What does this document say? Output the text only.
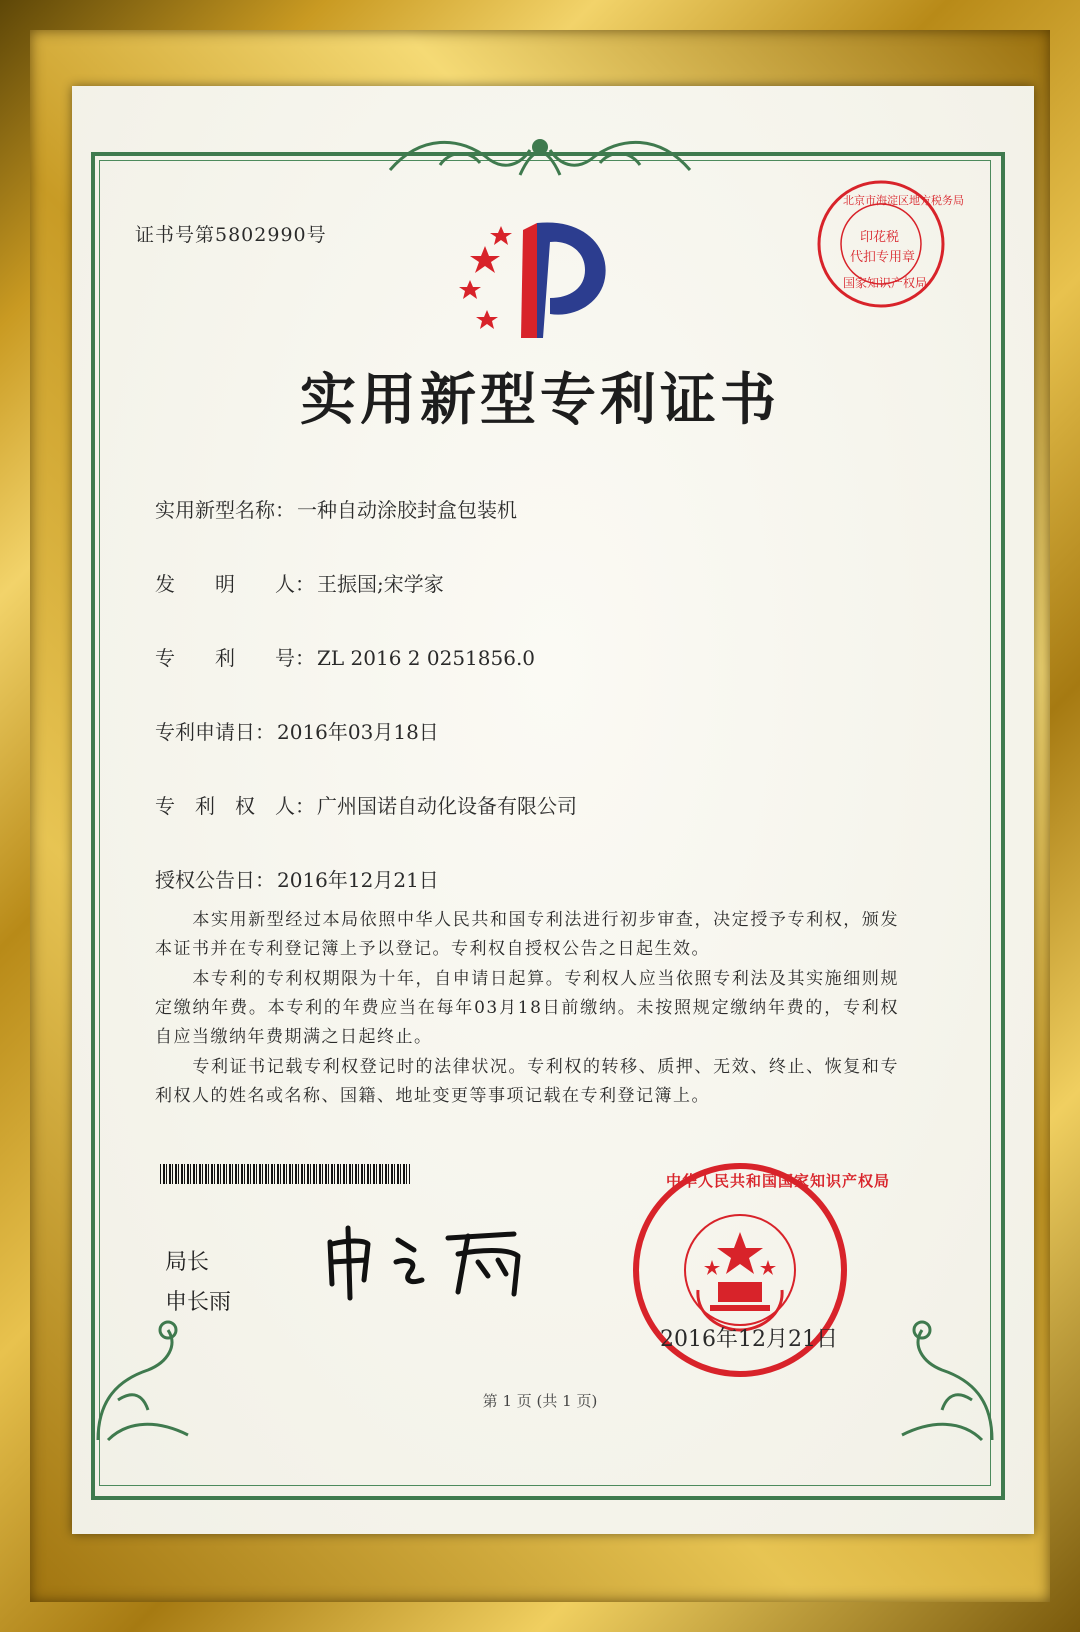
证书号第5802990号
北京市海淀区地方税务局
印花税
代扣专用章
国家知识产权局
实用新型专利证书
实用新型名称： 一种自动涂胶封盒包装机
发　　明　　人： 王振国;宋学家
专　　利　　号： ZL 2016 2 0251856.0
专利申请日： 2016年03月18日
专　利　权　人： 广州国诺自动化设备有限公司
授权公告日： 2016年12月21日
本实用新型经过本局依照中华人民共和国专利法进行初步审查，决定授予专利权，颁发本证书并在专利登记簿上予以登记。专利权自授权公告之日起生效。
本专利的专利权期限为十年，自申请日起算。专利权人应当依照专利法及其实施细则规定缴纳年费。本专利的年费应当在每年03月18日前缴纳。未按照规定缴纳年费的，专利权自应当缴纳年费期满之日起终止。
专利证书记载专利权登记时的法律状况。专利权的转移、质押、无效、终止、恢复和专利权人的姓名或名称、国籍、地址变更等事项记载在专利登记簿上。
局长
申长雨
中华人民共和国国家知识产权局
2016年12月21日
第 1 页 (共 1 页)
